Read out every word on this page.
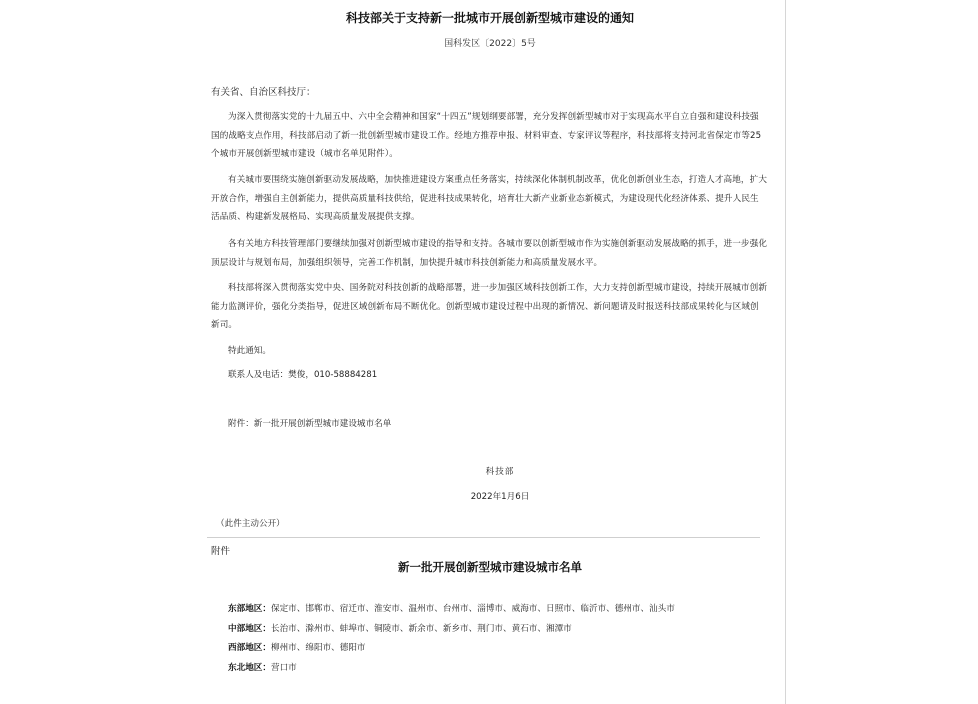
科技部关于支持新一批城市开展创新型城市建设的通知
国科发区〔2022〕5号
有关省、自治区科技厅：
为深入贯彻落实党的十九届五中、六中全会精神和国家“十四五”规划纲要部署，充分发挥创新型城市对于实现高水平自立自强和建设科技强国的战略支点作用，科技部启动了新一批创新型城市建设工作。经地方推荐申报、材料审查、专家评议等程序，科技部将支持河北省保定市等25个城市开展创新型城市建设（城市名单见附件）。
有关城市要围绕实施创新驱动发展战略，加快推进建设方案重点任务落实，持续深化体制机制改革，优化创新创业生态，打造人才高地，扩大开放合作，增强自主创新能力，提供高质量科技供给，促进科技成果转化，培育壮大新产业新业态新模式，为建设现代化经济体系、提升人民生活品质、构建新发展格局、实现高质量发展提供支撑。
各有关地方科技管理部门要继续加强对创新型城市建设的指导和支持。各城市要以创新型城市作为实施创新驱动发展战略的抓手，进一步强化顶层设计与规划布局，加强组织领导，完善工作机制，加快提升城市科技创新能力和高质量发展水平。
科技部将深入贯彻落实党中央、国务院对科技创新的战略部署，进一步加强区域科技创新工作，大力支持创新型城市建设，持续开展城市创新能力监测评价，强化分类指导，促进区域创新布局不断优化。创新型城市建设过程中出现的新情况、新问题请及时报送科技部成果转化与区域创新司。
特此通知。
联系人及电话：樊俊，010-58884281
附件：新一批开展创新型城市建设城市名单
科技部
2022年1月6日
（此件主动公开）
附件
新一批开展创新型城市建设城市名单
东部地区：保定市、邯郸市、宿迁市、淮安市、温州市、台州市、淄博市、威海市、日照市、临沂市、德州市、汕头市
中部地区：长治市、滁州市、蚌埠市、铜陵市、新余市、新乡市、荆门市、黄石市、湘潭市
西部地区：柳州市、绵阳市、德阳市
东北地区：营口市
